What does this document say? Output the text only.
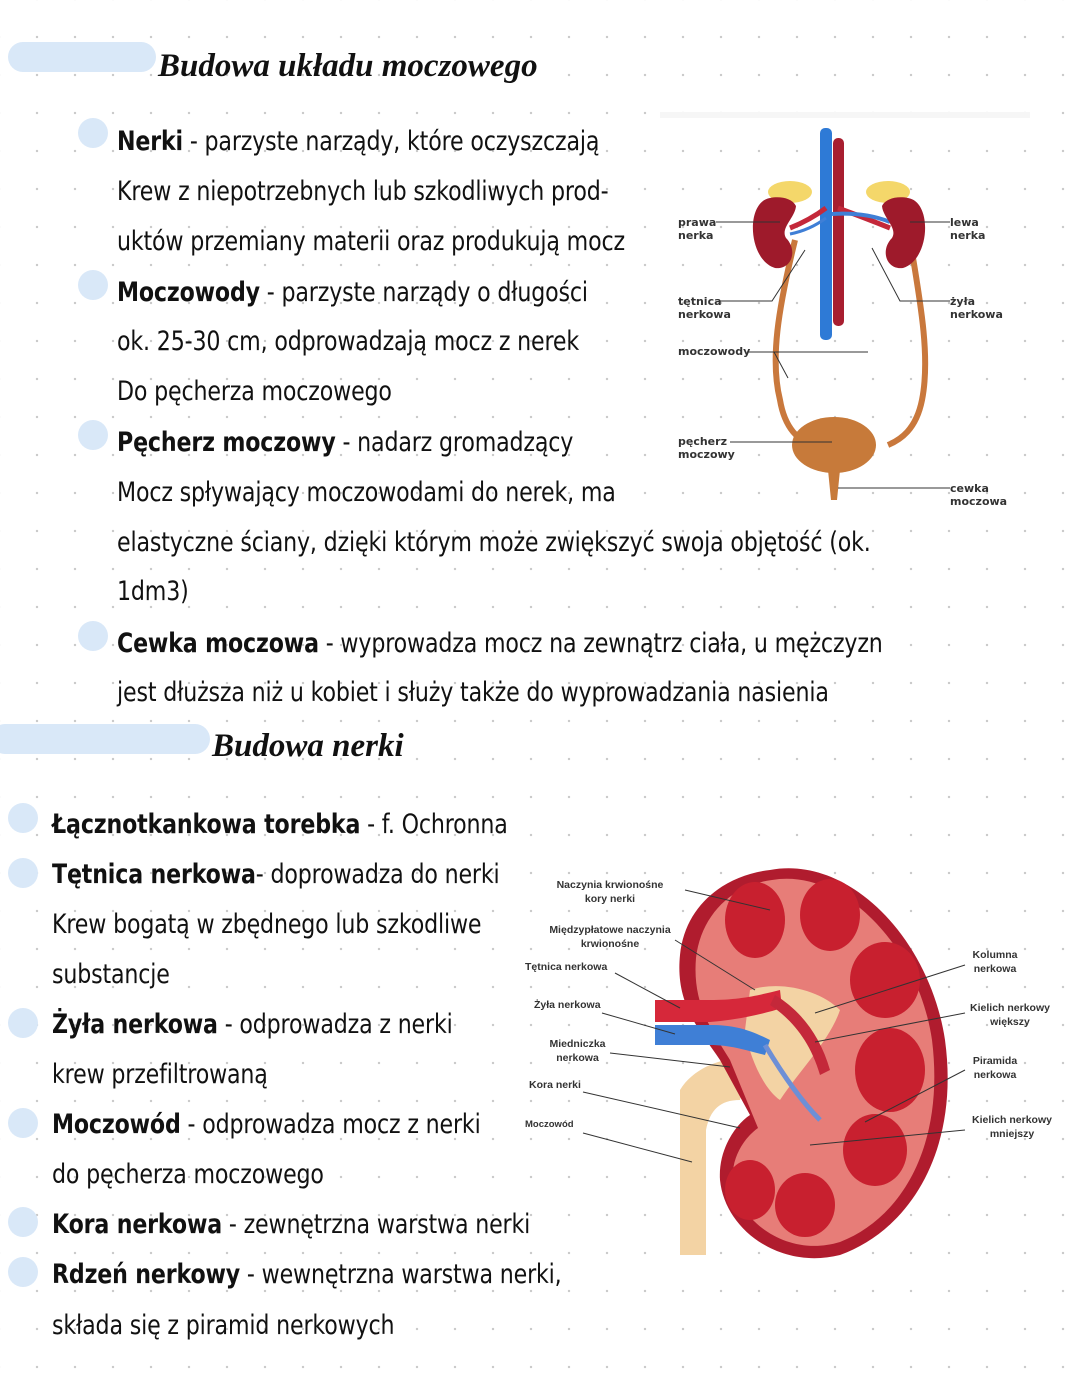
Budowa układu moczowego
Nerki - parzyste narządy, które oczyszczają
Krew z niepotrzebnych lub szkodliwych prod-
uktów przemiany materii oraz produkują mocz
Moczowody - parzyste narządy o długości
ok. 25-30 cm, odprowadzają mocz z nerek
Do pęcherza moczowego
Pęcherz moczowy - nadarz gromadzący
Mocz spływający moczowodami do nerek, ma
elastyczne ściany, dzięki którym może zwiększyć swoja objętość (ok.
1dm3)
Cewka moczowa - wyprowadza mocz na zewnątrz ciała, u mężczyzn
jest dłuższa niż u kobiet i służy także do wyprowadzania nasienia
prawa
nerka
lewa
nerka
tętnica
nerkowa
żyła
nerkowa
moczowody
pęcherz
moczowy
cewka
moczowa
Budowa nerki
Łącznotkankowa torebka - f. Ochronna
Tętnica nerkowa- doprowadza do nerki
Krew bogatą w zbędnego lub szkodliwe
substancje
Żyła nerkowa - odprowadza z nerki
krew przefiltrowaną
Moczowód - odprowadza mocz z nerki
do pęcherza moczowego
Kora nerkowa - zewnętrzna warstwa nerki
Rdzeń nerkowy - wewnętrzna warstwa nerki,
składa się z piramid nerkowych
Naczynia krwionośne
kory nerki
Międzypłatowe naczynia
krwionośne
Tętnica nerkowa
Żyła nerkowa
Miedniczka
nerkowa
Kora nerki
Moczowód
Kolumna
nerkowa
Kielich nerkowy
większy
Piramida
nerkowa
Kielich nerkowy
mniejszy
